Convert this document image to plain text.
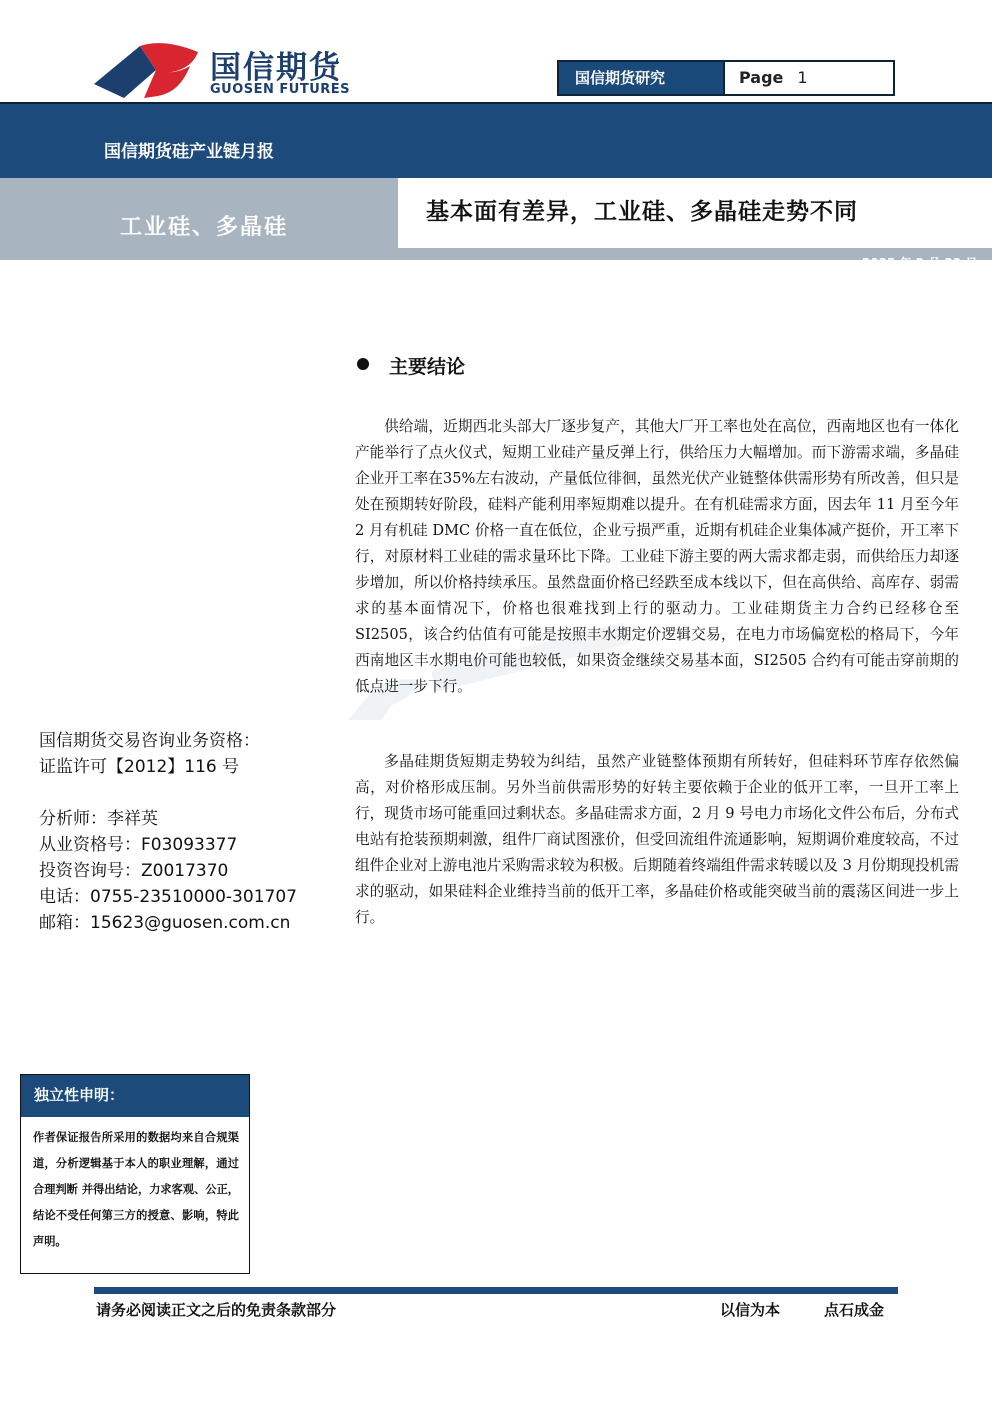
国信期货
GUOSEN FUTURES
国信期货研究	Page 1
国信期货硅产业链月报
工业硅、多晶硅
基本面有差异，工业硅、多晶硅走势不同
2025 年 2 月 23 日
主要结论
供给端，近期西北头部大厂逐步复产，其他大厂开工率也处在高位，西南地区也有一体化产能举行了点火仪式，短期工业硅产量反弹上行，供给压力大幅增加。而下游需求端，多晶硅企业开工率在35%左右波动，产量低位徘徊，虽然光伏产业链整体供需形势有所改善，但只是处在预期转好阶段，硅料产能利用率短期难以提升。在有机硅需求方面，因去年 11 月至今年 2 月有机硅 DMC 价格一直在低位，企业亏损严重，近期有机硅企业集体减产挺价，开工率下行，对原材料工业硅的需求量环比下降。工业硅下游主要的两大需求都走弱，而供给压力却逐步增加，所以价格持续承压。虽然盘面价格已经跌至成本线以下，但在高供给、高库存、弱需求的基本面情况下，价格也很难找到上行的驱动力。工业硅期货主力合约已经移仓至 SI2505，该合约估值有可能是按照丰水期定价逻辑交易，在电力市场偏宽松的格局下，今年西南地区丰水期电价可能也较低，如果资金继续交易基本面，SI2505 合约有可能击穿前期的低点进一步下行。
多晶硅期货短期走势较为纠结，虽然产业链整体预期有所转好，但硅料环节库存依然偏高，对价格形成压制。另外当前供需形势的好转主要依赖于企业的低开工率，一旦开工率上行，现货市场可能重回过剩状态。多晶硅需求方面，2 月 9 号电力市场化文件公布后，分布式电站有抢装预期刺激，组件厂商试图涨价，但受回流组件流通影响，短期调价难度较高，不过组件企业对上游电池片采购需求较为积极。后期随着终端组件需求转暖以及 3 月份期现投机需求的驱动，如果硅料企业维持当前的低开工率，多晶硅价格或能突破当前的震荡区间进一步上行。
国信期货交易咨询业务资格：
证监许可【2012】116 号
分析师：李祥英
从业资格号：F03093377
投资咨询号：Z0017370
电话：0755-23510000-301707
邮箱：15623@guosen.com.cn
独立性申明：
作者保证报告所采用的数据均来自合规渠道，分析逻辑基于本人的职业理解，通过合理判断 并得出结论，力求客观、公正，结论不受任何第三方的授意、影响，特此声明。
请务必阅读正文之后的免责条款部分	以信为本	点石成金
